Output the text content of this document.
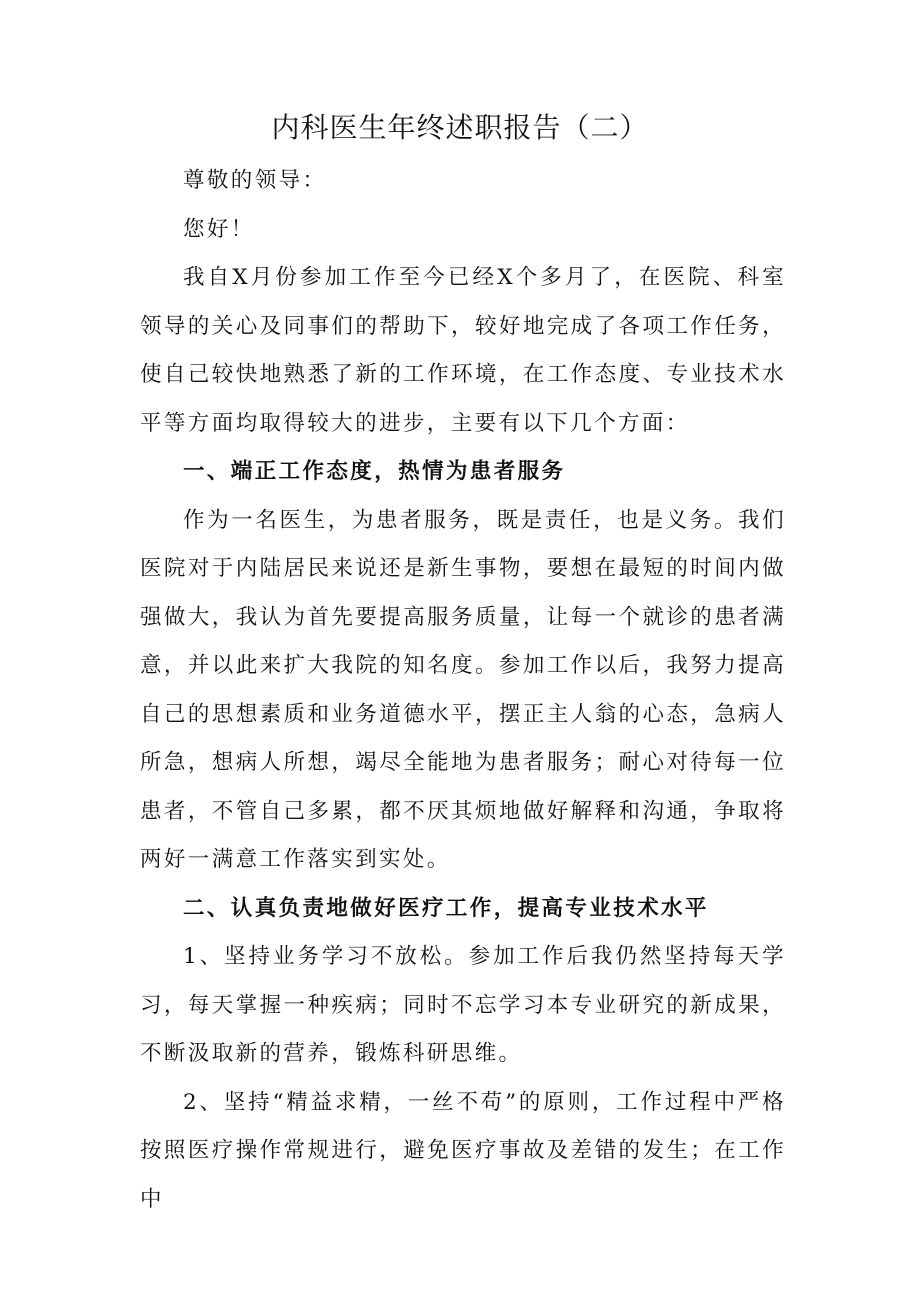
内科医生年终述职报告（二）

尊敬的领导：

您好！

我自X月份参加工作至今已经X个多月了，在医院、科室领导的关心及同事们的帮助下，较好地完成了各项工作任务，使自己较快地熟悉了新的工作环境，在工作态度、专业技术水平等方面均取得较大的进步，主要有以下几个方面：

一、端正工作态度，热情为患者服务

作为一名医生，为患者服务，既是责任，也是义务。我们医院对于内陆居民来说还是新生事物，要想在最短的时间内做强做大，我认为首先要提高服务质量，让每一个就诊的患者满意，并以此来扩大我院的知名度。参加工作以后，我努力提高自己的思想素质和业务道德水平，摆正主人翁的心态，急病人所急，想病人所想，竭尽全能地为患者服务；耐心对待每一位患者，不管自己多累，都不厌其烦地做好解释和沟通，争取将两好一满意工作落实到实处。

二、认真负责地做好医疗工作，提高专业技术水平

1、坚持业务学习不放松。参加工作后我仍然坚持每天学习，每天掌握一种疾病；同时不忘学习本专业研究的新成果，不断汲取新的营养，锻炼科研思维。

2、坚持“精益求精，一丝不苟”的原则，工作过程中严格按照医疗操作常规进行，避免医疗事故及差错的发生；在工作中
